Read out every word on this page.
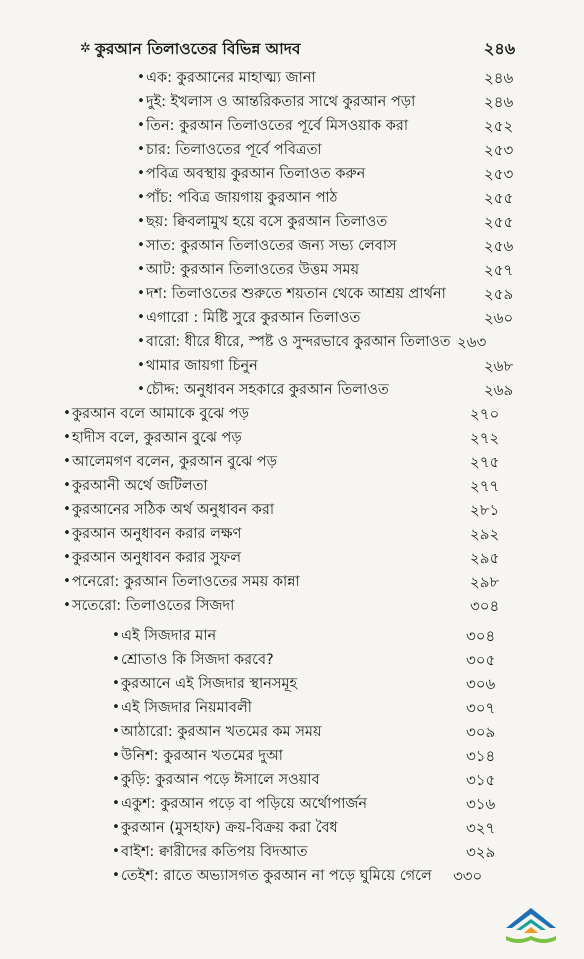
✲ কুরআন তিলাওতের বিভিন্ন আদব	২৪৬
• এক: কুরআনের মাহাত্ম্য জানা	২৪৬
• দুই: ইখলাস ও আন্তরিকতার সাথে কুরআন পড়া	২৪৬
• তিন: কুরআন তিলাওতের পূর্বে মিসওয়াক করা	২৫২
• চার: তিলাওতের পূর্বে পবিত্রতা	২৫৩
• পবিত্র অবস্থায় কুরআন তিলাওত করুন	২৫৩
• পাঁচ: পবিত্র জায়গায় কুরআন পাঠ	২৫৫
• ছয়: ক্বিবলামুখ হয়ে বসে কুরআন তিলাওত	২৫৫
• সাত: কুরআন তিলাওতের জন্য সভ্য লেবাস	২৫৬
• আট: কুরআন তিলাওতের উত্তম সময়	২৫৭
• দশ: তিলাওতের শুরুতে শয়তান থেকে আশ্রয় প্রার্থনা	২৫৯
• এগারো : মিষ্টি সুরে কুরআন তিলাওত	২৬০
• বারো: ধীরে ধীরে, স্পষ্ট ও সুন্দরভাবে কুরআন তিলাওত ২৬৩
• থামার জায়গা চিনুন	২৬৮
• চৌদ্দ: অনুধাবন সহকারে কুরআন তিলাওত	২৬৯
• কুরআন বলে আমাকে বুঝে পড়	২৭০
• হাদীস বলে, কুরআন বুঝে পড়	২৭২
• আলেমগণ বলেন, কুরআন বুঝে পড়	২৭৫
• কুরআনী অর্থে জটিলতা	২৭৭
• কুরআনের সঠিক অর্থ অনুধাবন করা	২৮১
• কুরআন অনুধাবন করার লক্ষণ	২৯২
• কুরআন অনুধাবন করার সুফল	২৯৫
• পনেরো: কুরআন তিলাওতের সময় কান্না	২৯৮
• সতেরো: তিলাওতের সিজদা	৩০৪
• এই সিজদার মান	৩০৪
• শ্রোতাও কি সিজদা করবে?	৩০৫
• কুরআনে এই সিজদার স্থানসমূহ	৩০৬
• এই সিজদার নিয়মাবলী	৩০৭
• আঠারো: কুরআন খতমের কম সময়	৩০৯
• উনিশ: কুরআন খতমের দুআ	৩১৪
• কুড়ি: কুরআন পড়ে ঈসালে সওয়াব	৩১৫
• একুশ: কুরআন পড়ে বা পড়িয়ে অর্থোপার্জন	৩১৬
• কুরআন (মুসহাফ) ক্রয়-বিক্রয় করা বৈধ	৩২৭
• বাইশ: ক্বারীদের কতিপয় বিদআত	৩২৯
• তেইশ: রাতে অভ্যাসগত কুরআন না পড়ে ঘুমিয়ে গেলে ৩৩০
